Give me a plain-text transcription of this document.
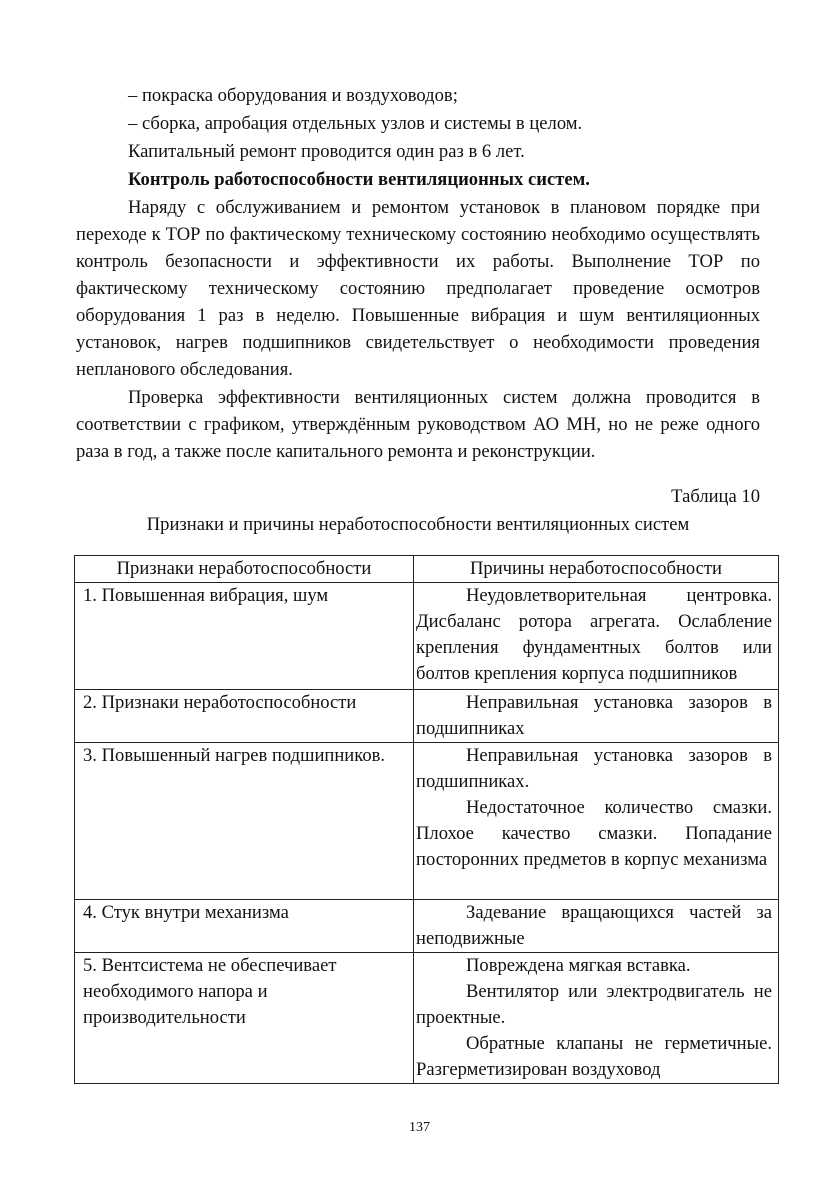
– покраска оборудования и воздуховодов;
– сборка, апробация отдельных узлов и системы в целом.
Капитальный ремонт проводится один раз в 6 лет.
Контроль работоспособности вентиляционных систем.
Наряду с обслуживанием и ремонтом установок в плановом порядке при переходе к ТОР по фактическому техническому состоянию необходимо осуществлять контроль безопасности и эффективности их работы. Выполнение ТОР по фактическому техническому состоянию предполагает проведение осмотров оборудования 1 раз в неделю. Повышенные вибрация и шум вентиляционных установок, нагрев подшипников свидетельствует о необходимости проведения непланового обследования.
Проверка эффективности вентиляционных систем должна проводится в соответствии с графиком, утверждённым руководством АО МН, но не реже одного раза в год, а также после капитального ремонта и реконструкции.
Таблица 10
Признаки и причины неработоспособности вентиляционных систем
Признаки неработоспособности	Причины неработоспособности
1. Повышенная вибрация, шум	Неудовлетворительная центровка. Дисбаланс ротора агрегата. Ослабление крепления фундаментных болтов или болтов крепления корпуса подшипников

2. Признаки неработоспособности	Неправильная установка зазоров в подшипниках

3. Повышенный нагрев подшипников.	Неправильная установка зазоров в подшипниках.
Недостаточное количество смазки. Плохое качество смазки. Попадание посторонних предметов в корпус механизма

4. Стук внутри механизма	Задевание вращающихся частей за неподвижные

5. Вентсистема не обеспечивает необходимого напора и производительности	Повреждена мягкая вставка.
Вентилятор или электродвигатель не проектные.
Обратные клапаны не герметичные. Разгерметизирован воздуховод
137
